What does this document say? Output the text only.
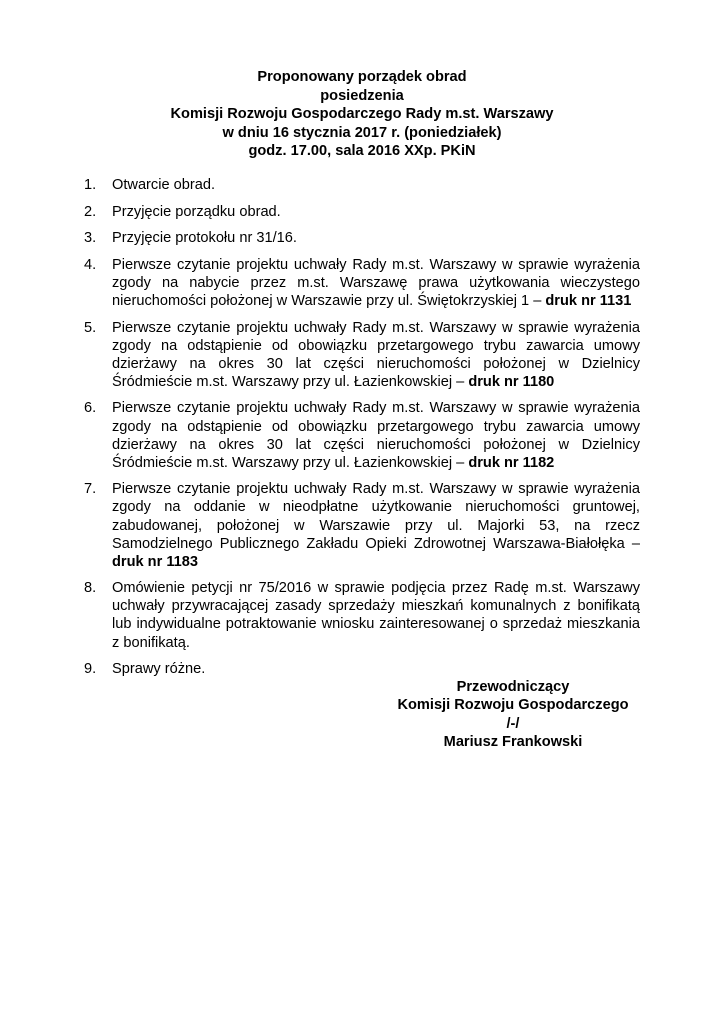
Proponowany porządek obrad
posiedzenia
Komisji Rozwoju Gospodarczego Rady m.st. Warszawy
w dniu 16 stycznia 2017 r. (poniedziałek)
godz. 17.00, sala 2016 XXp. PKiN
1. Otwarcie obrad.
2. Przyjęcie porządku obrad.
3. Przyjęcie protokołu nr 31/16.
4. Pierwsze czytanie projektu uchwały Rady m.st. Warszawy w sprawie wyrażenia zgody na nabycie przez m.st. Warszawę prawa użytkowania wieczystego nieruchomości położonej w Warszawie przy ul. Świętokrzyskiej 1 – druk nr 1131
5. Pierwsze czytanie projektu uchwały Rady m.st. Warszawy w sprawie wyrażenia zgody na odstąpienie od obowiązku przetargowego trybu zawarcia umowy dzierżawy na okres 30 lat części nieruchomości położonej w Dzielnicy Śródmieście m.st. Warszawy przy ul. Łazienkowskiej – druk nr 1180
6. Pierwsze czytanie projektu uchwały Rady m.st. Warszawy w sprawie wyrażenia zgody na odstąpienie od obowiązku przetargowego trybu zawarcia umowy dzierżawy na okres 30 lat części nieruchomości położonej w Dzielnicy Śródmieście m.st. Warszawy przy ul. Łazienkowskiej – druk nr 1182
7. Pierwsze czytanie projektu uchwały Rady m.st. Warszawy w sprawie wyrażenia zgody na oddanie w nieodpłatne użytkowanie nieruchomości gruntowej, zabudowanej, położonej w Warszawie przy ul. Majorki 53, na rzecz Samodzielnego Publicznego Zakładu Opieki Zdrowotnej Warszawa-Białołęka – druk nr 1183
8. Omówienie petycji nr 75/2016 w sprawie podjęcia przez Radę m.st. Warszawy uchwały przywracającej zasady sprzedaży mieszkań komunalnych z bonifikatą lub indywidualne potraktowanie wniosku zainteresowanej o sprzedaż mieszkania z bonifikatą.
9. Sprawy różne.
Przewodniczący
Komisji Rozwoju Gospodarczego
/-/
Mariusz Frankowski
